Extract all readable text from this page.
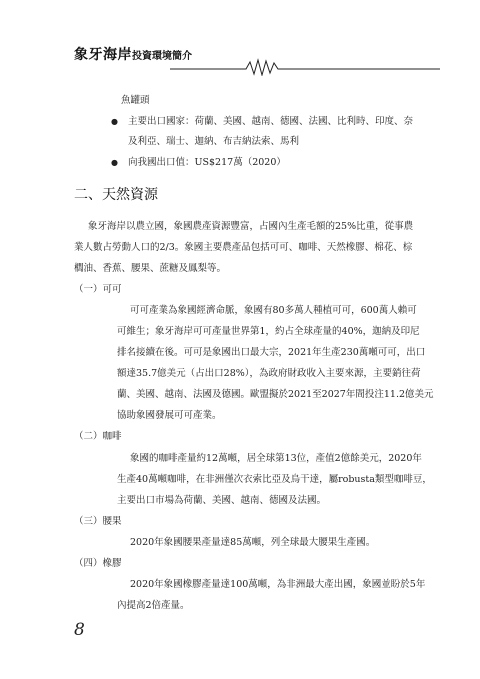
象牙海岸投資環境簡介
魚罐頭
● 主要出口國家：荷蘭、美國、越南、德國、法國、比利時、印度、奈
及利亞、瑞士、迦納、布吉納法索、馬利
● 向我國出口值：US$217萬（2020）
二、天然資源
象牙海岸以農立國，象國農產資源豐富，占國內生產毛額的25%比重，從事農
業人數占勞動人口的2/3。象國主要農產品包括可可、咖啡、天然橡膠、棉花、棕
櫚油、香蕉、腰果、蔗糖及鳳梨等。
（一）可可
可可產業為象國經濟命脈，象國有80多萬人種植可可，600萬人賴可
可維生；象牙海岸可可產量世界第1，約占全球產量的40%，迦納及印尼
排名接續在後。可可是象國出口最大宗，2021年生產230萬噸可可，出口
額達35.7億美元（占出口28%），為政府財政收入主要來源，主要銷往荷
蘭、美國、越南、法國及德國。歐盟擬於2021至2027年間投注11.2億美元
協助象國發展可可產業。
（二）咖啡
象國的咖啡產量約12萬噸，居全球第13位，產值2億餘美元，2020年
生產40萬噸咖啡，在非洲僅次衣索比亞及烏干達，屬robusta類型咖啡豆，
主要出口市場為荷蘭、美國、越南、德國及法國。
（三）腰果
2020年象國腰果產量達85萬噸，列全球最大腰果生產國。
（四）橡膠
2020年象國橡膠產量達100萬噸，為非洲最大產出國，象國並盼於5年
內提高2倍產量。
8
